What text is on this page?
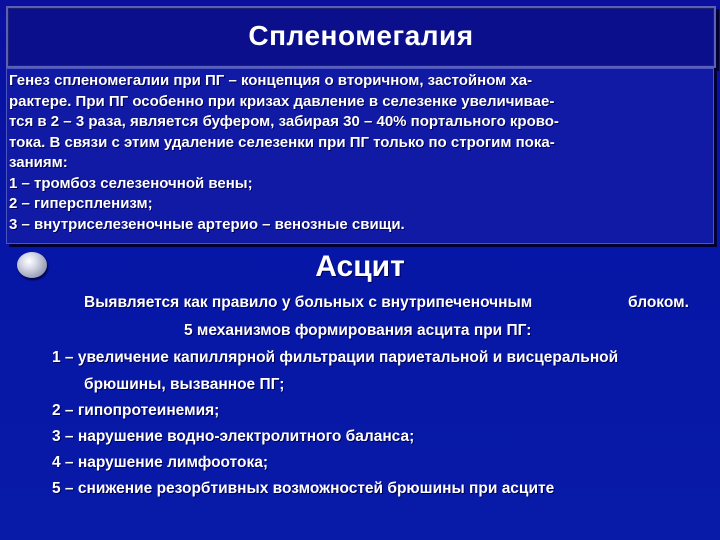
Спленомегалия

Генез спленомегалии при ПГ – концепция о вторичном, застойном ха-
рактере. При ПГ особенно при кризах давление в селезенке увеличивае-
тся в 2 – 3 раза, является буфером, забирая 30 – 40% портального крово-
тока. В связи с этим удаление селезенки при ПГ только по строгим пока-
заниям:
1 – тромбоз селезеночной вены;
2 – гиперспленизм;
3 – внутриселезеночные артерио – венозные свищи.

Асцит
Выявляется как правило у больных с внутрипеченочным	блоком.
5 механизмов формирования асцита при ПГ:
1 – увеличение капиллярной фильтрации париетальной и висцеральной
брюшины, вызванное ПГ;
2 – гипопротеинемия;
3 – нарушение водно-электролитного баланса;
4 – нарушение лимфоотока;
5 – снижение резорбтивных возможностей брюшины при асците
